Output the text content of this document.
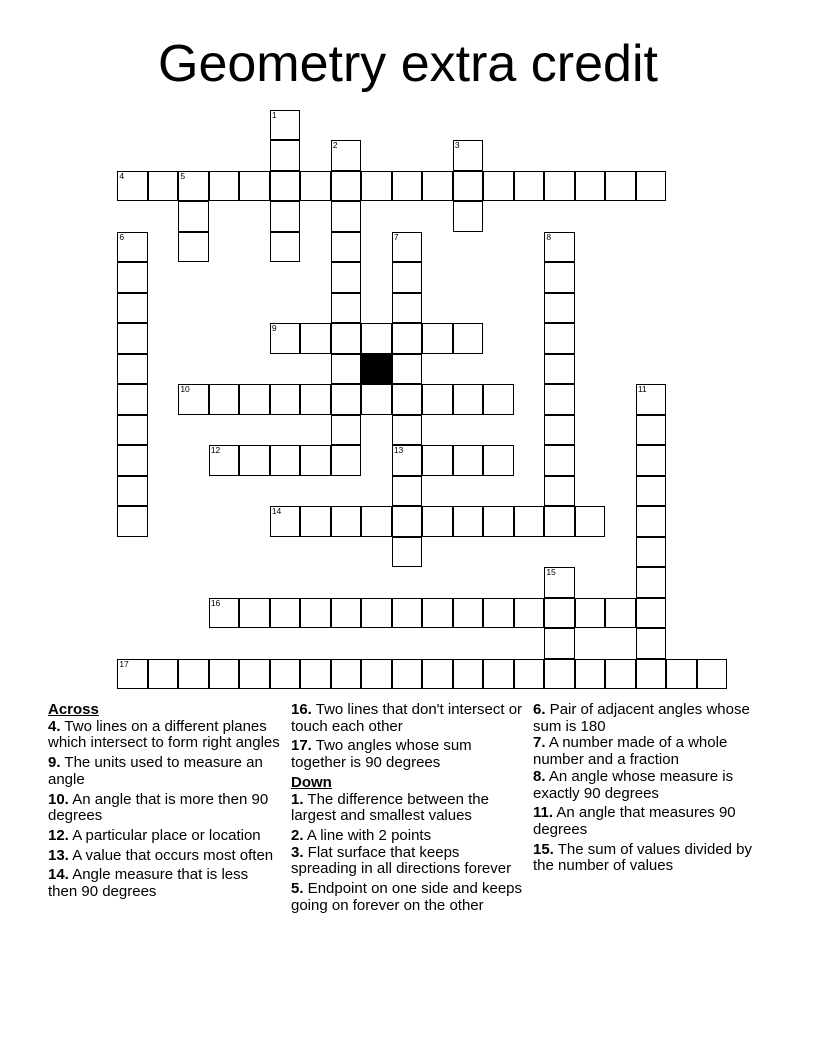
Geometry extra credit
4	5
9
10
12	13
14
16
17
1
2	3
6	7	8
11
15
Across
4. Two lines on a different planes which intersect to form right angles
9. The units used to measure an angle
10. An angle that is more then 90 degrees
12. A particular place or location
13. A value that occurs most often
14. Angle measure that is less then 90 degrees
16. Two lines that don't intersect or touch each other
17. Two angles whose sum together is 90 degrees
Down
1. The difference between the largest and smallest values
2. A line with 2 points
3. Flat surface that keeps spreading in all directions forever
5. Endpoint on one side and keeps going on forever on the other
6. Pair of adjacent angles whose sum is 180
7. A number made of a whole number and a fraction
8. An angle whose measure is exactly 90 degrees
11. An angle that measures 90 degrees
15. The sum of values divided by the number of values
